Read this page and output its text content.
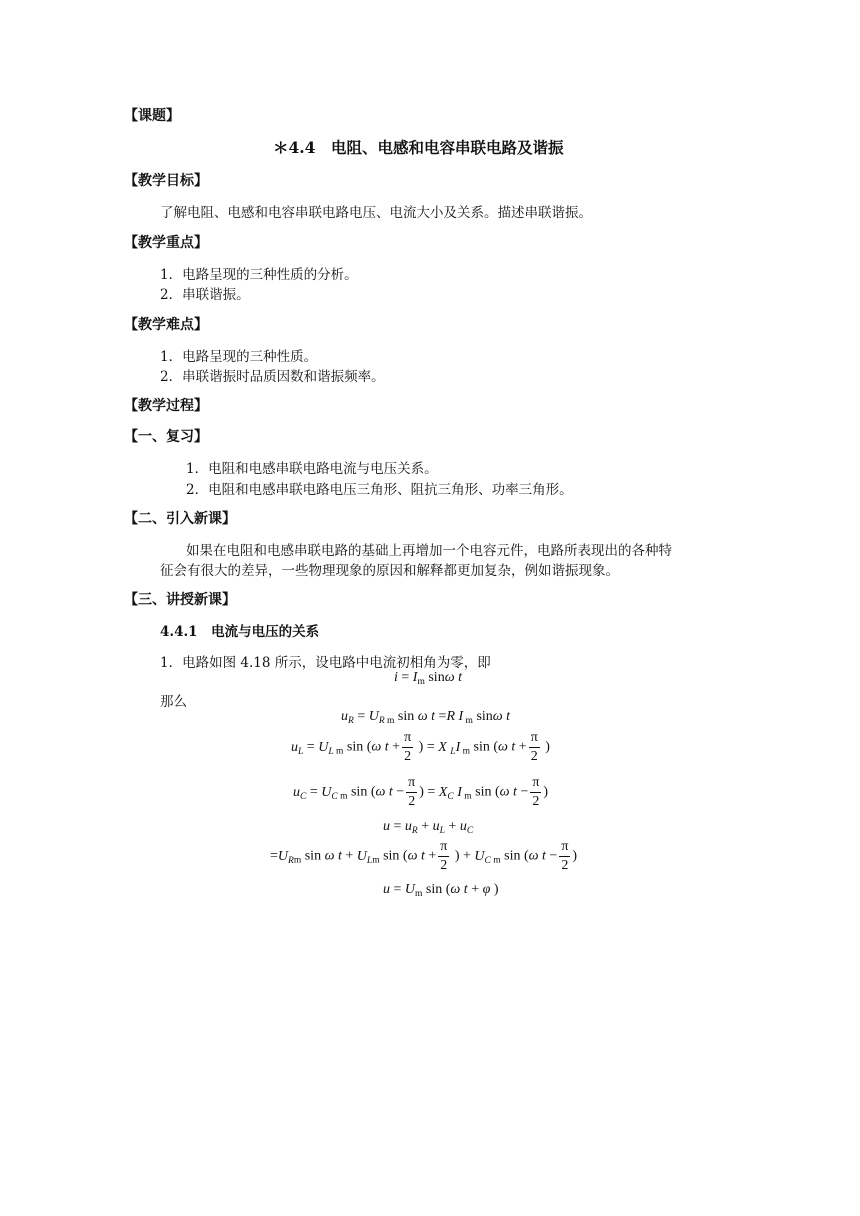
【课题】
＊4.4　电阻、电感和电容串联电路及谐振
【教学目标】
了解电阻、电感和电容串联电路电压、电流大小及关系。描述串联谐振。
【教学重点】
1．电路呈现的三种性质的分析。
2．串联谐振。
【教学难点】
1．电路呈现的三种性质。
2．串联谐振时品质因数和谐振频率。
【教学过程】
【一、复习】
1．电阻和电感串联电路电流与电压关系。
2．电阻和电感串联电路电压三角形、阻抗三角形、功率三角形。
【二、引入新课】
如果在电阻和电感串联电路的基础上再增加一个电容元件，电路所表现出的各种特
征会有很大的差异，一些物理现象的原因和解释都更加复杂，例如谐振现象。
【三、讲授新课】
4.4.1　电流与电压的关系
1．电路如图 4.18 所示，设电路中电流初相角为零，即
$i = I_m$ sinω t
那么
$u_R = U_R$ $_m$ sin ω t =R I $_m$ sinω t
$u_L = U_L$ $_m$ sin (ω $t + \frac{\pi}{2}$ ) = X $_L$I $_m$ sin (ω $t + \frac{\pi}{2}$ )
$u_C = U_C$ $_m$ sin (ω $t - \frac{\pi}{2}$ ) = $X_C$ I $_m$ sin (ω $t - \frac{\pi}{2}$ )
$u = u_R + u_L + u_C$
$=U_{Rm}$ sin ω $t + U_{Lm}$ sin (ω $t + \frac{\pi}{2}$ ) + $U_C$ $_m$ sin (ω $t - \frac{\pi}{2}$ )
$u = U_m$ sin (ω t + φ )
